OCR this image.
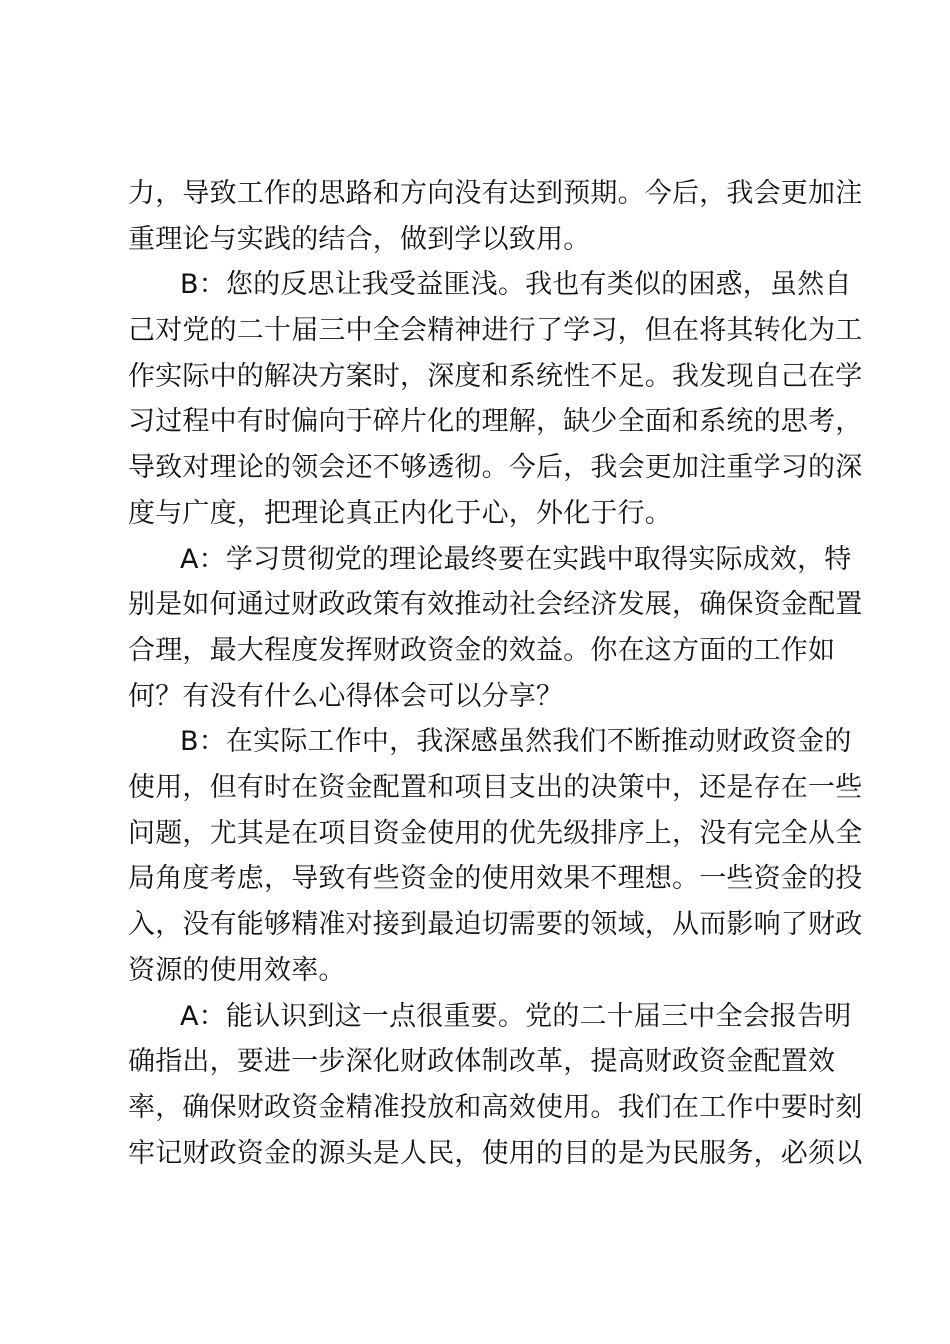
力，导致工作的思路和方向没有达到预期。今后，我会更加注
重理论与实践的结合，做到学以致用。
B：您的反思让我受益匪浅。我也有类似的困惑，虽然自
己对党的二十届三中全会精神进行了学习，但在将其转化为工
作实际中的解决方案时，深度和系统性不足。我发现自己在学
习过程中有时偏向于碎片化的理解，缺少全面和系统的思考，
导致对理论的领会还不够透彻。今后，我会更加注重学习的深
度与广度，把理论真正内化于心，外化于行。
A：学习贯彻党的理论最终要在实践中取得实际成效，特
别是如何通过财政政策有效推动社会经济发展，确保资金配置
合理，最大程度发挥财政资金的效益。你在这方面的工作如
何？有没有什么心得体会可以分享？
B：在实际工作中，我深感虽然我们不断推动财政资金的
使用，但有时在资金配置和项目支出的决策中，还是存在一些
问题，尤其是在项目资金使用的优先级排序上，没有完全从全
局角度考虑，导致有些资金的使用效果不理想。一些资金的投
入，没有能够精准对接到最迫切需要的领域，从而影响了财政
资源的使用效率。
A：能认识到这一点很重要。党的二十届三中全会报告明
确指出，要进一步深化财政体制改革，提高财政资金配置效
率，确保财政资金精准投放和高效使用。我们在工作中要时刻
牢记财政资金的源头是人民，使用的目的是为民服务，必须以
